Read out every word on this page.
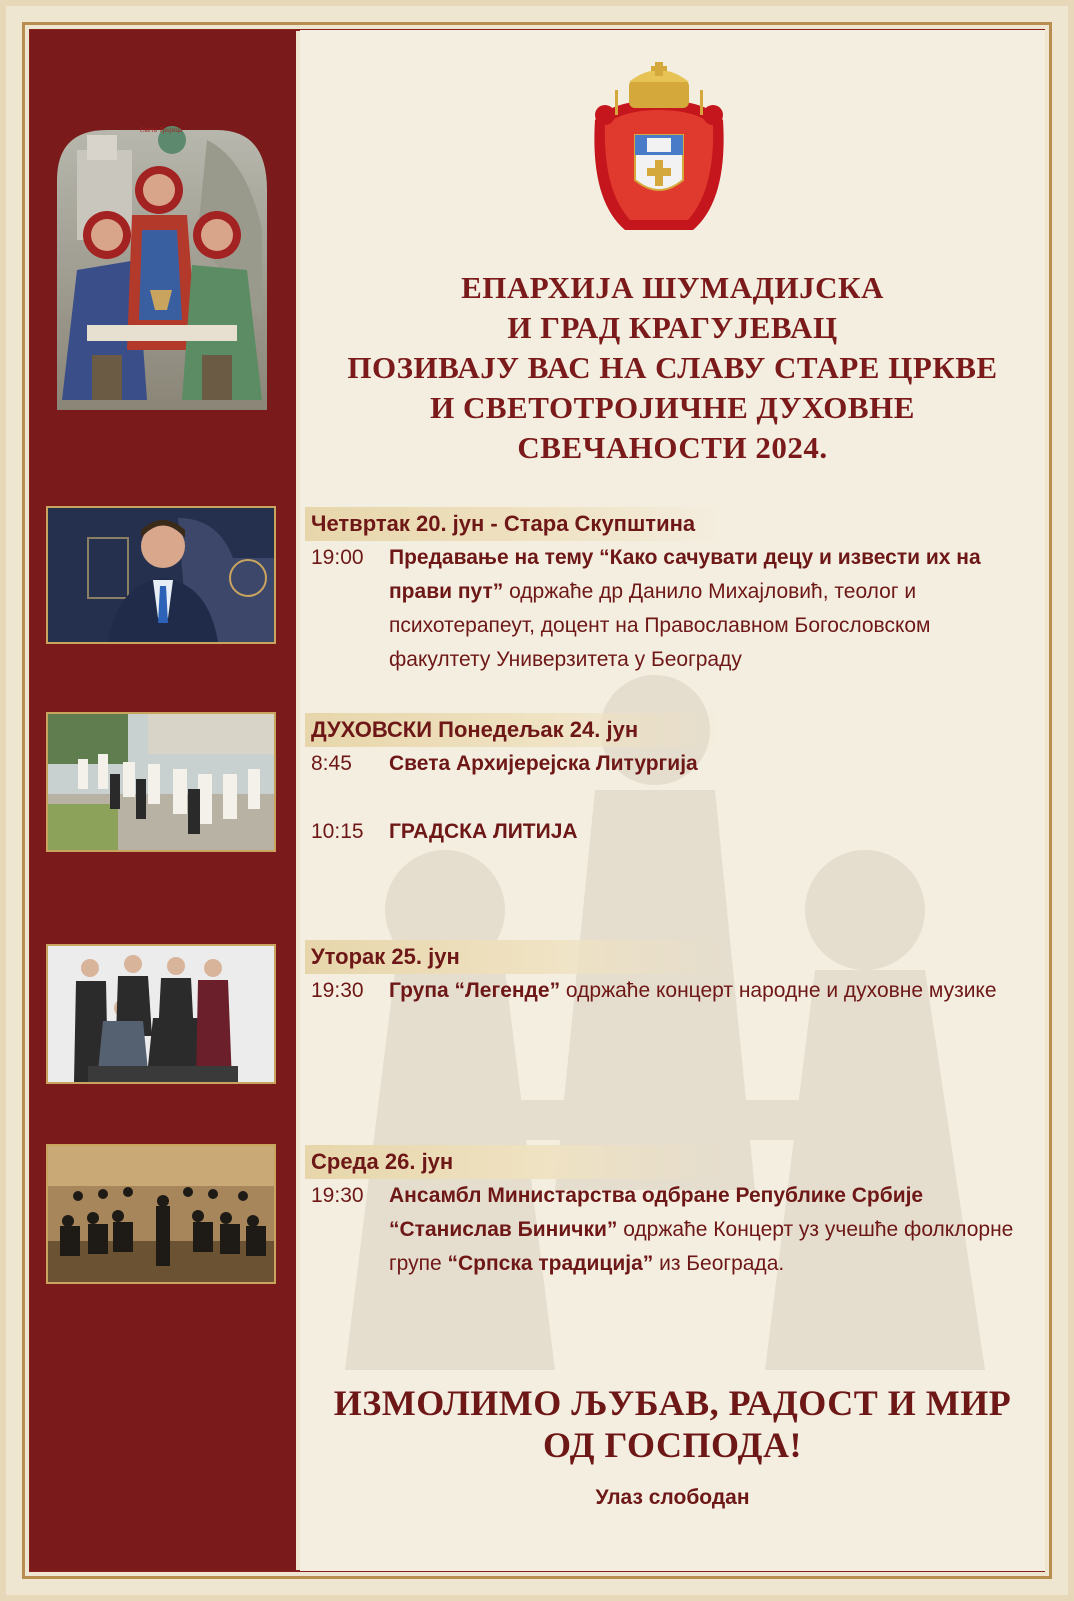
Света Тројица
ЕПАРХИЈА ШУМАДИЈСКА
И ГРАД КРАГУЈЕВАЦ
ПОЗИВАЈУ ВАС НА СЛАВУ СТАРЕ ЦРКВЕ
И СВЕТОТРОЈИЧНЕ ДУХОВНЕ
СВЕЧАНОСТИ 2024.
Четвртак 20. јун - Стара Скупштина
19:00 Предавање на тему “Како сачувати децу и извести их на прави пут” одржаће др Данило Михајловић, теолог и психотерапеут, доцент на Православном Богословском факултету Универзитета у Београду
ДУХОВСКИ Понедељак 24. јун
8:45 Света Архијерејска Литургија
10:15 ГРАДСКА ЛИТИЈА
Уторак 25. јун
19:30 Група “Легенде” одржаће концерт народне и духовне музике
Среда 26. јун
19:30 Ансамбл Министарства одбране Републике Србије “Станислав Бинички” одржаће Концерт уз учешће фолклорне групе “Српска традиција” из Београда.
ИЗМОЛИМО ЉУБАВ, РАДОСТ И МИР
ОД ГОСПОДА!
Улаз слободан
